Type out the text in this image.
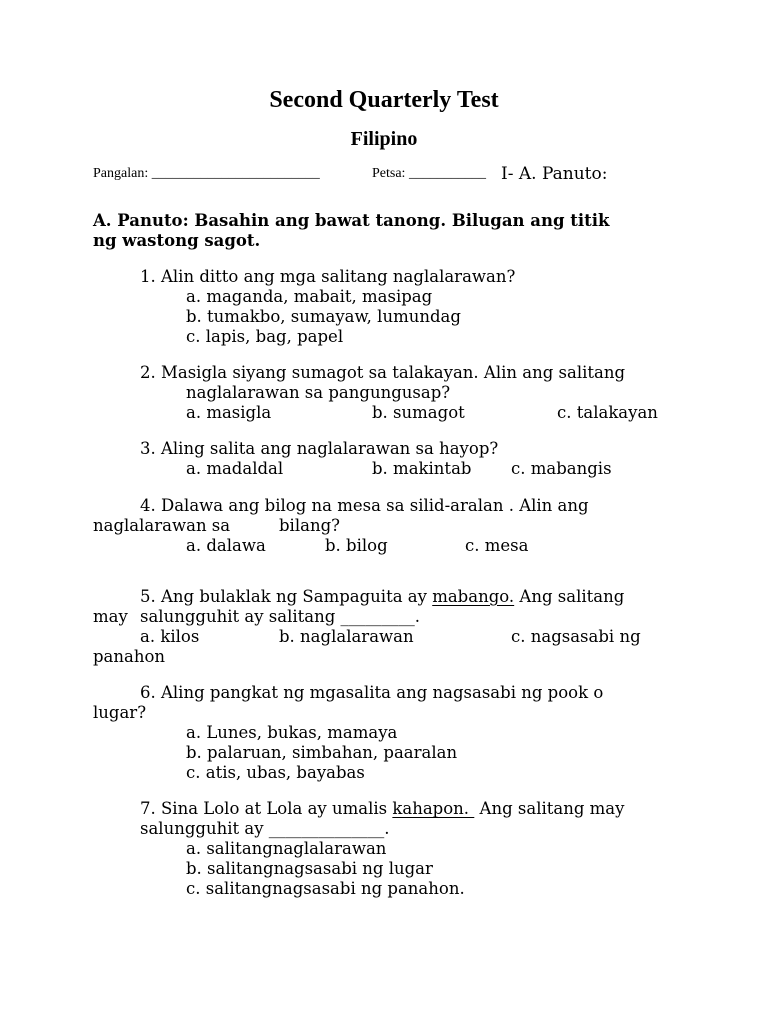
Second Quarterly Test
Filipino
Pangalan: ________________________	Petsa: ___________ I- A. Panuto:
A. Panuto: Basahin ang bawat tanong. Bilugan ang titik
ng wastong sagot.
1. Alin ditto ang mga salitang naglalarawan?
a. maganda, mabait, masipag
b. tumakbo, sumayaw, lumundag
c. lapis, bag, papel
2. Masigla siyang sumagot sa talakayan. Alin ang salitang
naglalarawan sa pangungusap?
a. masigla	b. sumagot	c. talakayan
3. Aling salita ang naglalarawan sa hayop?
a. madaldal	b. makintab c. mabangis
4. Dalawa ang bilog na mesa sa silid-aralan . Alin ang
naglalarawan sa	bilang?
a. dalawa	b. bilog	c. mesa
5. Ang bulaklak ng Sampaguita ay mabango. Ang salitang
may salungguhit ay salitang _________.
a. kilos	b. naglalarawan	c. nagsasabi ng
panahon
6. Aling pangkat ng mgasalita ang nagsasabi ng pook o
lugar?
a. Lunes, bukas, mamaya
b. palaruan, simbahan, paaralan
c. atis, ubas, bayabas
7. Sina Lolo at Lola ay umalis kahapon.  Ang salitang may
salungguhit ay ______________.
a. salitangnaglalarawan
b. salitangnagsasabi ng lugar
c. salitangnagsasabi ng panahon.
